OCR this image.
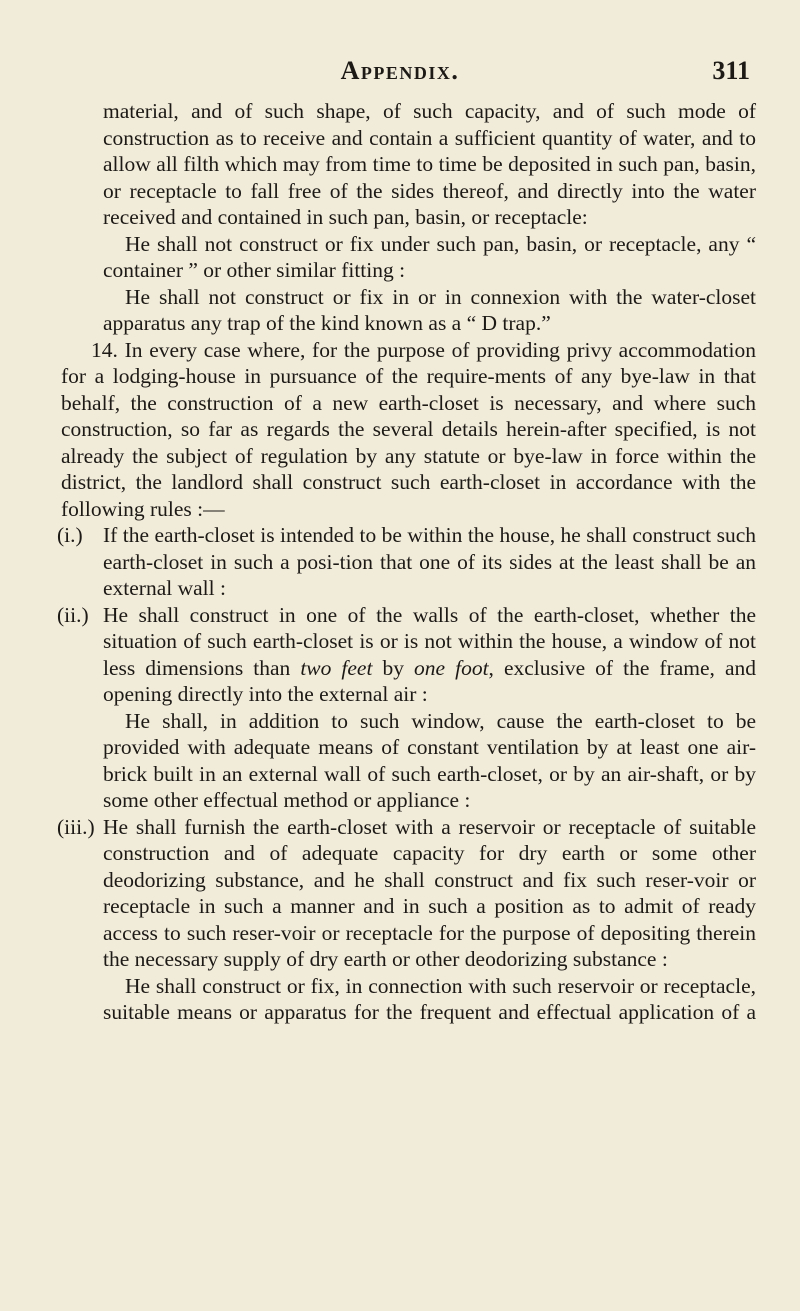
Appendix.	311

material, and of such shape, of such capacity, and of such mode of construction as to receive and contain a sufficient quantity of water, and to allow all filth which may from time to time be deposited in such pan, basin, or receptacle to fall free of the sides thereof, and directly into the water received and contained in such pan, basin, or receptacle:

He shall not construct or fix under such pan, basin, or receptacle, any “ container ” or other similar fitting :

He shall not construct or fix in or in connexion with the water-closet apparatus any trap of the kind known as a “ D trap.”

14. In every case where, for the purpose of providing privy accommodation for a lodging-house in pursuance of the require-ments of any bye-law in that behalf, the construction of a new earth-closet is necessary, and where such construction, so far as regards the several details herein-after specified, is not already the subject of regulation by any statute or bye-law in force within the district, the landlord shall construct such earth-closet in accordance with the following rules :—

(i.) If the earth-closet is intended to be within the house, he shall construct such earth-closet in such a posi-tion that one of its sides at the least shall be an external wall :
(ii.) He shall construct in one of the walls of the earth-closet, whether the situation of such earth-closet is or is not within the house, a window of not less dimensions than two feet by one foot, exclusive of the frame, and opening directly into the external air :

He shall, in addition to such window, cause the earth-closet to be provided with adequate means of constant ventilation by at least one air-brick built in an external wall of such earth-closet, or by an air-shaft, or by some other effectual method or appliance :

(iii.) He shall furnish the earth-closet with a reservoir or receptacle of suitable construction and of adequate capacity for dry earth or some other deodorizing substance, and he shall construct and fix such reser-voir or receptacle in such a manner and in such a position as to admit of ready access to such reser-voir or receptacle for the purpose of depositing therein the necessary supply of dry earth or other deodorizing substance :

He shall construct or fix, in connection with such reservoir or receptacle, suitable means or apparatus for the frequent and effectual application of a
